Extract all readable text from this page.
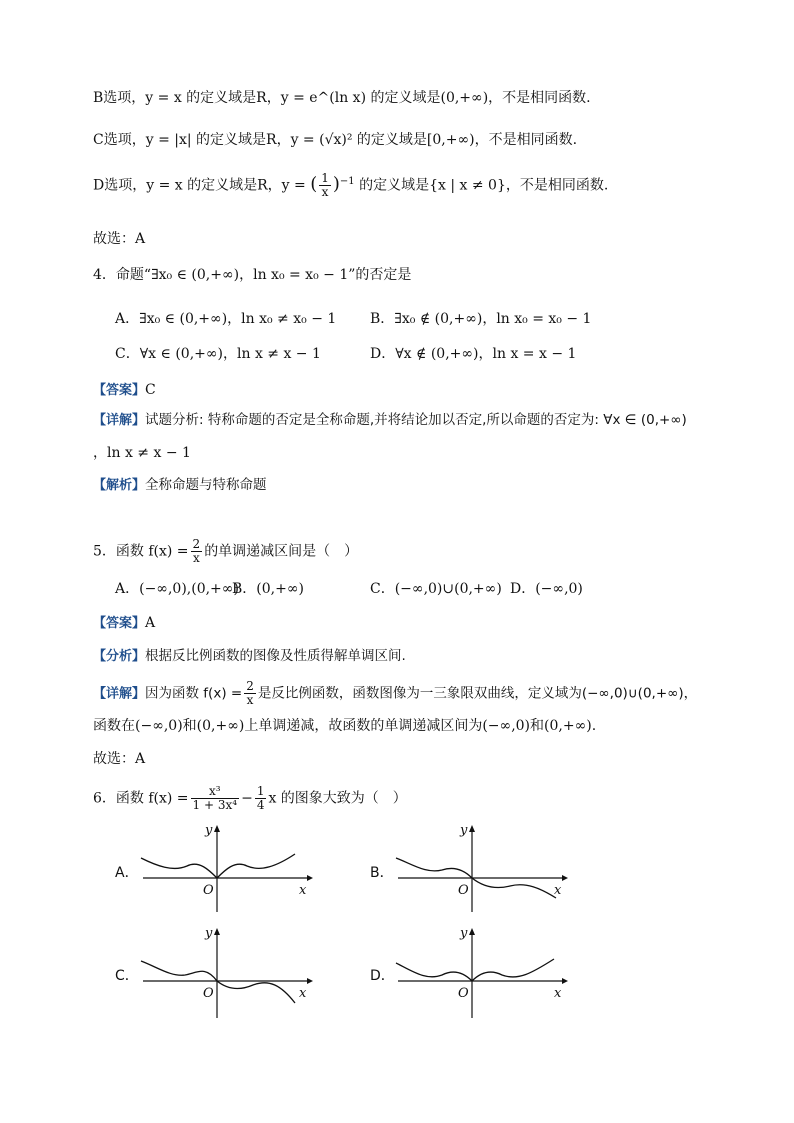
B选项，y = x 的定义域是R，y = e^(ln x) 的定义域是(0,+∞)，不是相同函数.
C选项，y = |x| 的定义域是R，y = (√x)² 的定义域是[0,+∞)，不是相同函数.
D选项，y = x 的定义域是R，y = ( $\frac{1}{x} )^{-1}$ 的定义域是{x | x ≠ 0}，不是相同函数.
故选：A
4．命题“∃x₀ ∈ (0,+∞)，ln x₀ = x₀ − 1”的否定是
A．∃x₀ ∈ (0,+∞)，ln x₀ ≠ x₀ − 1 B．∃x₀ ∉ (0,+∞)，ln x₀ = x₀ − 1
C．∀x ∈ (0,+∞)，ln x ≠ x − 1	D．∀x ∉ (0,+∞)，ln x = x − 1
【答案】C
【详解】试题分析: 特称命题的否定是全称命题,并将结论加以否定,所以命题的否定为: ∀x ∈ (0,+∞)
，ln x ≠ x − 1
【解析】全称命题与特称命题
5．函数 $f(x) = \frac{2}{x}$ 的单调递减区间是（　）
A．(−∞,0),(0,+∞)
B．(0,+∞)	C．(−∞,0)∪(0,+∞) D．(−∞,0)
【答案】A
【分析】根据反比例函数的图像及性质得解单调区间.
【详解】因为函数 $f(x) = \frac{2}{x}$ 是反比例函数，函数图像为一三象限双曲线，定义域为(−∞,0)∪(0,+∞)，
函数在(−∞,0)和(0,+∞)上单调递减，故函数的单调递减区间为(−∞,0)和(0,+∞).
故选：A
6．函数 $f(x) = \frac{\text{x³}}{\text{1 + 3x⁴}} - \frac{1}{4}$ x 的图象大致为（　）
A．	B．
C．	D．
y
O	x
y
O	x
y
O	x
y
O	x
